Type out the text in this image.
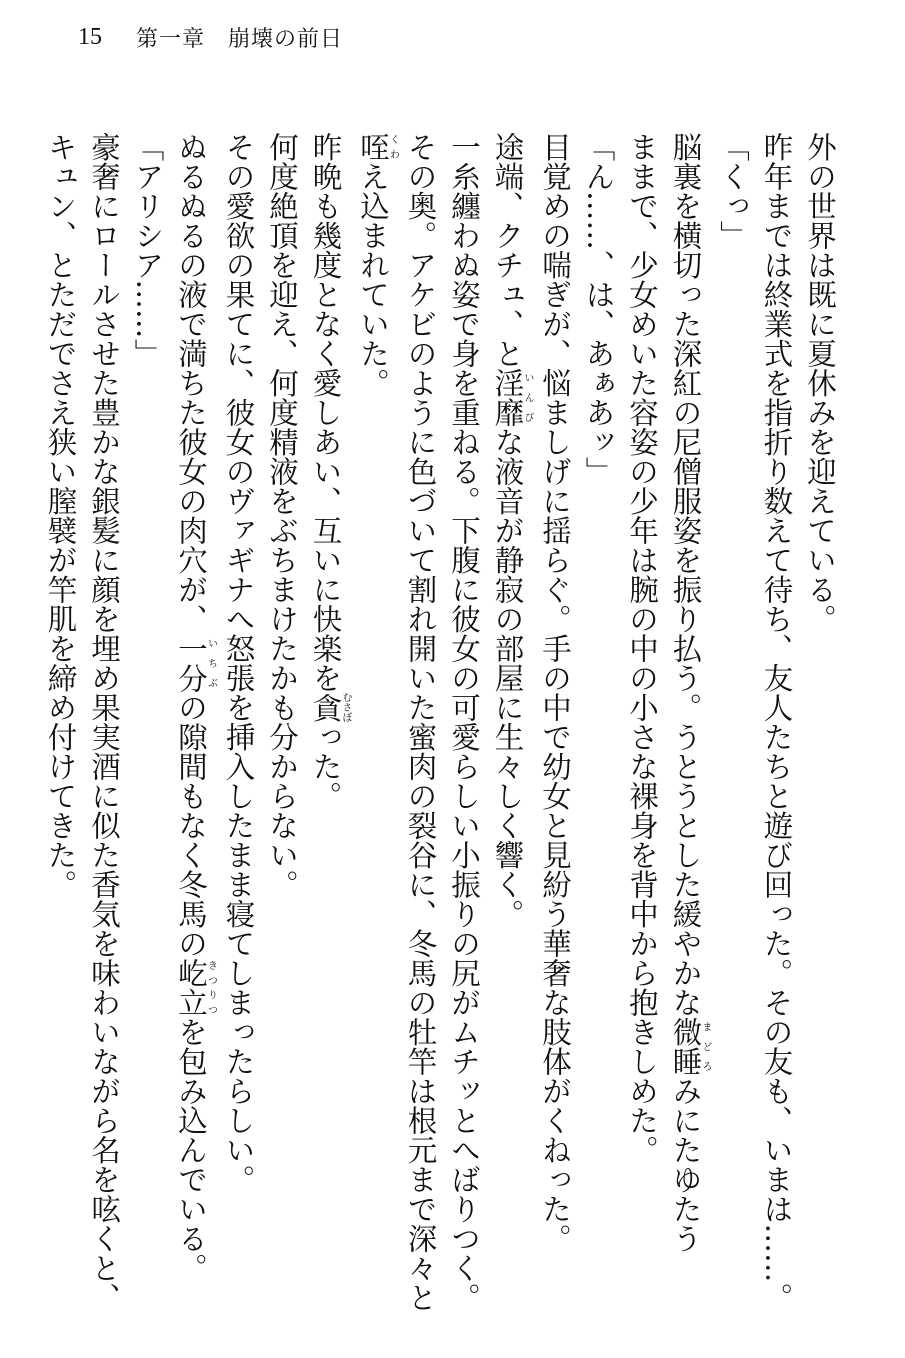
15 第一章　崩壊の前日
外の世界は既に夏休みを迎えている。
昨年までは終業式を指折り数えて待ち、友人たちと遊び回った。その友も、いまは……。
「くっ」
脳裏を横切った深紅の尼僧服姿を振り払う。うとうとした緩やかな微睡まどろみにたゆたう
ままで、少女めいた容姿の少年は腕の中の小さな裸身を背中から抱きしめた。
「ん……、は、あぁあッ」
目覚めの喘ぎが、悩ましげに揺らぐ。手の中で幼女と見紛う華奢な肢体がくねった。
途端、クチュ、と淫靡いんびな液音が静寂の部屋に生々しく響く。
一糸纏わぬ姿で身を重ねる。下腹に彼女の可愛らしい小振りの尻がムチッとへばりつく。
その奥。アケビのように色づいて割れ開いた蜜肉の裂谷に、冬馬の牡竿は根元まで深々と
咥くわえ込まれていた。
昨晩も幾度となく愛しあい、互いに快楽を貪むさぼった。
何度絶頂を迎え、何度精液をぶちまけたかも分からない。
その愛欲の果てに、彼女のヴァギナへ怒張を挿入したまま寝てしまったらしい。
ぬるぬるの液で満ちた彼女の肉穴が、一分いちぶの隙間もなく冬馬の屹立きつりつを包み込んでいる。
「アリシア……」
豪奢にロールさせた豊かな銀髪に顔を埋め果実酒に似た香気を味わいながら名を呟くと、
キュン、とただでさえ狭い膣襞が竿肌を締め付けてきた。
